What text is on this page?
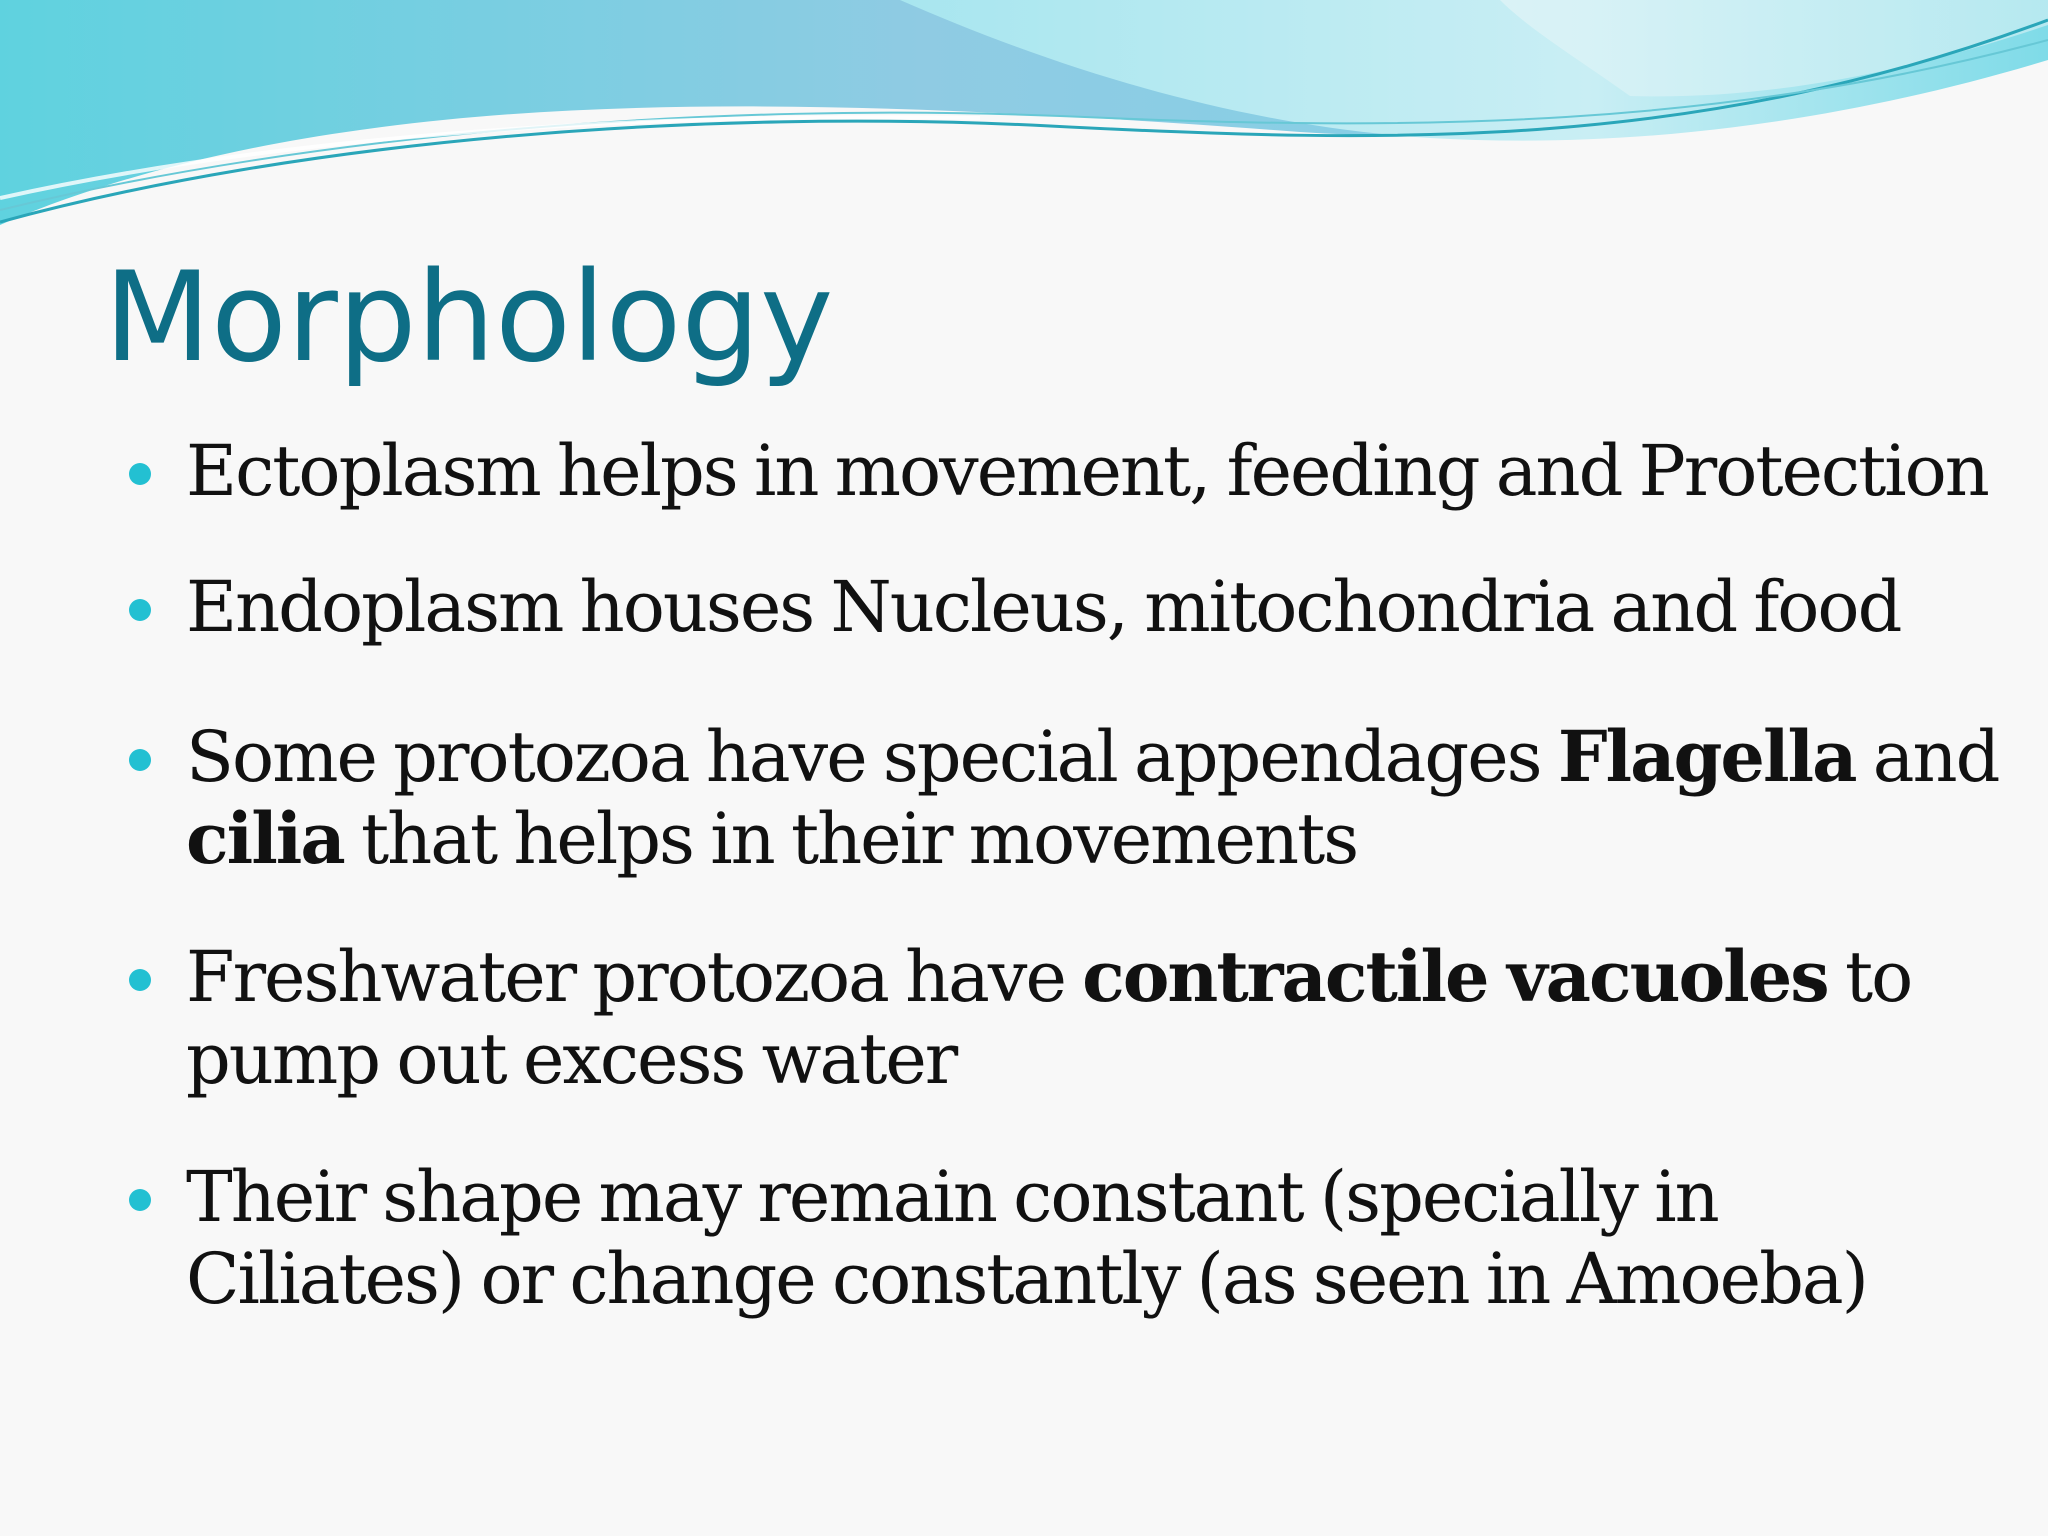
Morphology
Ectoplasm helps in movement, feeding and Protection
Endoplasm houses Nucleus, mitochondria and food
Some protozoa have special appendages Flagella and cilia that helps in their movements
Freshwater protozoa have contractile vacuoles to pump out excess water
Their shape may remain constant (specially in Ciliates) or change constantly (as seen in Amoeba)
